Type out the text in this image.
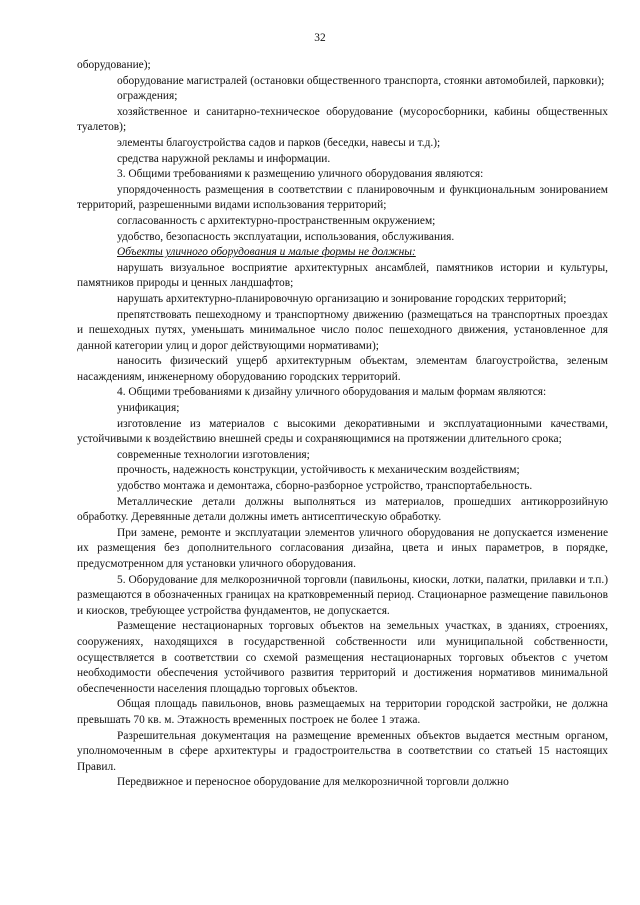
32

оборудование);

оборудование магистралей (остановки общественного транспорта, стоянки автомобилей, парковки);

ограждения;

хозяйственное и санитарно-техническое оборудование (мусоросборники, кабины общественных туалетов);

элементы благоустройства садов и парков (беседки, навесы и т.д.);

средства наружной рекламы и информации.

3. Общими требованиями к размещению уличного оборудования являются:

упорядоченность размещения в соответствии с планировочным и функциональным зонированием территорий, разрешенными видами использования территорий;

согласованность с архитектурно-пространственным окружением;

удобство, безопасность эксплуатации, использования, обслуживания.

Объекты уличного оборудования и малые формы не должны:

нарушать визуальное восприятие архитектурных ансамблей, памятников истории и культуры, памятников природы и ценных ландшафтов;

нарушать архитектурно-планировочную организацию и зонирование городских территорий;

препятствовать пешеходному и транспортному движению (размещаться на транспортных проездах и пешеходных путях, уменьшать минимальное число полос пешеходного движения, установленное для данной категории улиц и дорог действующими нормативами);

наносить физический ущерб архитектурным объектам, элементам благоустройства, зеленым насаждениям, инженерному оборудованию городских территорий.

4. Общими требованиями к дизайну уличного оборудования и малым формам являются:

унификация;

изготовление из материалов с высокими декоративными и эксплуатационными качествами, устойчивыми к воздействию внешней среды и сохраняющимися на протяжении длительного срока;

современные технологии изготовления;

прочность, надежность конструкции, устойчивость к механическим воздействиям;

удобство монтажа и демонтажа, сборно-разборное устройство, транспортабельность.

Металлические детали должны выполняться из материалов, прошедших антикоррозийную обработку. Деревянные детали должны иметь антисептическую обработку.

При замене, ремонте и эксплуатации элементов уличного оборудования не допускается изменение их размещения без дополнительного согласования дизайна, цвета и иных параметров, в порядке, предусмотренном для установки уличного оборудования.

5. Оборудование для мелкорозничной торговли (павильоны, киоски, лотки, палатки, прилавки и т.п.) размещаются в обозначенных границах на кратковременный период. Стационарное размещение павильонов и киосков, требующее устройства фундаментов, не допускается.

Размещение нестационарных торговых объектов на земельных участках, в зданиях, строениях, сооружениях, находящихся в государственной собственности или муниципальной собственности, осуществляется в соответствии со схемой размещения нестационарных торговых объектов с учетом необходимости обеспечения устойчивого развития территорий и достижения нормативов минимальной обеспеченности населения площадью торговых объектов.

Общая площадь павильонов, вновь размещаемых на территории городской застройки, не должна превышать 70 кв. м. Этажность временных построек не более 1 этажа.

Разрешительная документация на размещение временных объектов выдается местным органом, уполномоченным в сфере архитектуры и градостроительства в соответствии со статьей 15 настоящих Правил.

Передвижное и переносное оборудование для мелкорозничной торговли должно
